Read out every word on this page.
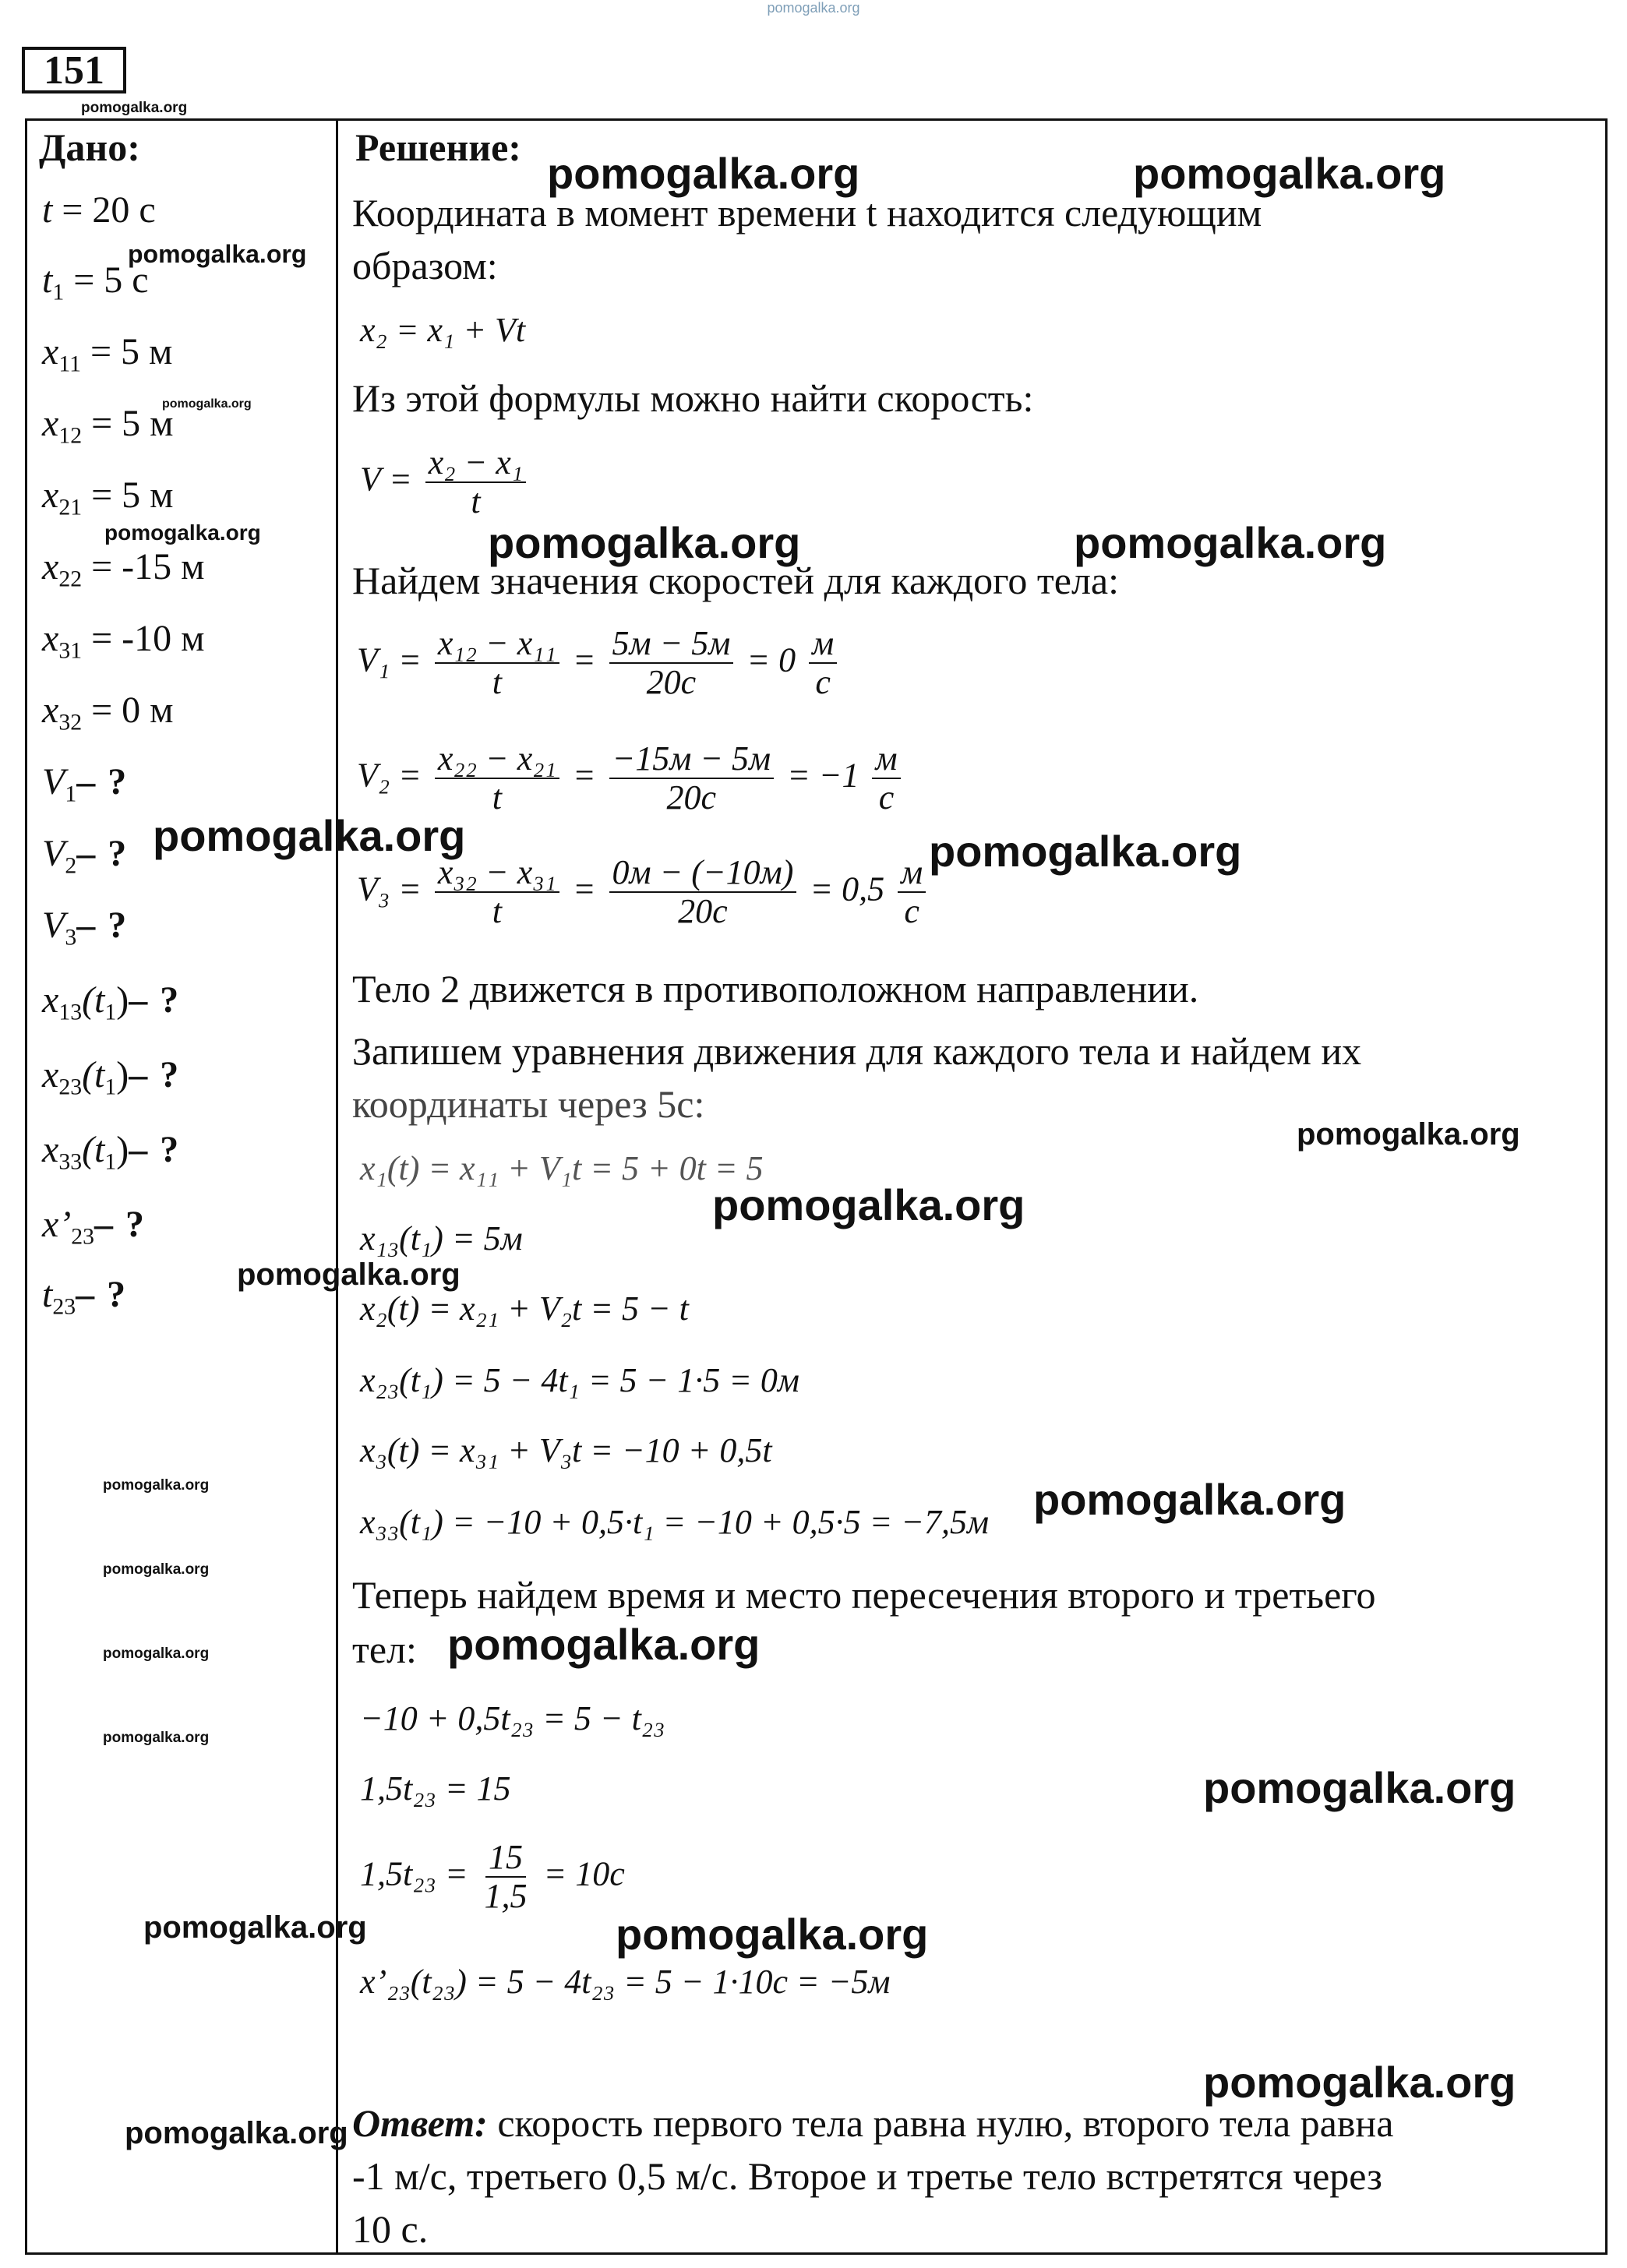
pomogalka.org
151
pomogalka.org
Дано:
t = 20 с
$t_1 = 5$ с
$x_{11} = 5$ м
$x_{12} = 5$ м
$x_{21} = 5$ м
$x_{22} = -15$ м
$x_{31} = -10$ м
$x_{32} = 0$ м
$V_1-$ ?
$V_2-$ ?
$V_3-$ ?
$x_{13}(t_1)-$ ?
$x_{23}(t_1)-$ ?
$x_{33}(t_1)-$ ?
$x’_{23}-$ ?
$t_{23}-$ ?
Решение:
Координата в момент времени t находится следующим
образом:
x₂ = x₁ + Vt
Из этой формулы можно найти скорость:
$V = \frac{\text{x₂ − x₁}}{t}$
Найдем значения скоростей для каждого тела:
$V_1 = \frac{\text{x₁₂ − x₁₁}}{t} = \frac{5м - 5м}{20с} = 0 \frac{м}{с}$
$V_2 = \frac{\text{x₂₂ − x₂₁}}{t} = \frac{-15м - 5м}{20с} = -1 \frac{м}{с}$
$V_3 = \frac{\text{x₃₂ − x₃₁}}{t} = \frac{0м - (-10м)}{20с} = 0,5 \frac{м}{с}$
Тело 2 движется в противоположном направлении.
Запишем уравнения движения для каждого тела и найдем их
координаты через 5с:
x₁(t) = x₁₁ + V₁t = 5 + 0t = 5
x₁₃(t₁) = 5м
x₂(t) = x₂₁ + V₂t = 5 − t
x₂₃(t₁) = 5 − 4t₁ = 5 − 1·5 = 0м
x₃(t) = x₃₁ + V₃t = −10 + 0,5t
x₃₃(t₁) = −10 + 0,5·t₁ = −10 + 0,5·5 = −7,5м
Теперь найдем время и место пересечения второго и третьего
тел:
−10 + 0,5t₂₃ = 5 − t₂₃
1,5t₂₃ = 15
$1,5t_{23} = \frac{15}{1,5} = 10с$
x’₂₃(t₂₃) = 5 − 4t₂₃ = 5 − 1·10с = −5м
Ответ: скорость первого тела равна нулю, второго тела равна
-1 м/с, третьего 0,5 м/с. Второе и третье тело встретятся через
10 с.
pomogalka.org	pomogalka.org
pomogalka.org
pomogalka.org
pomogalka.org	pomogalka.org	pomogalka.org
pomogalka.org	pomogalka.org
pomogalka.org
pomogalka.org
pomogalka.org
pomogalka.org
pomogalka.org
pomogalka.org
pomogalka.org
pomogalka.org
pomogalka.org
pomogalka.org
pomogalka.org	pomogalka.org
pomogalka.org
pomogalka.org
